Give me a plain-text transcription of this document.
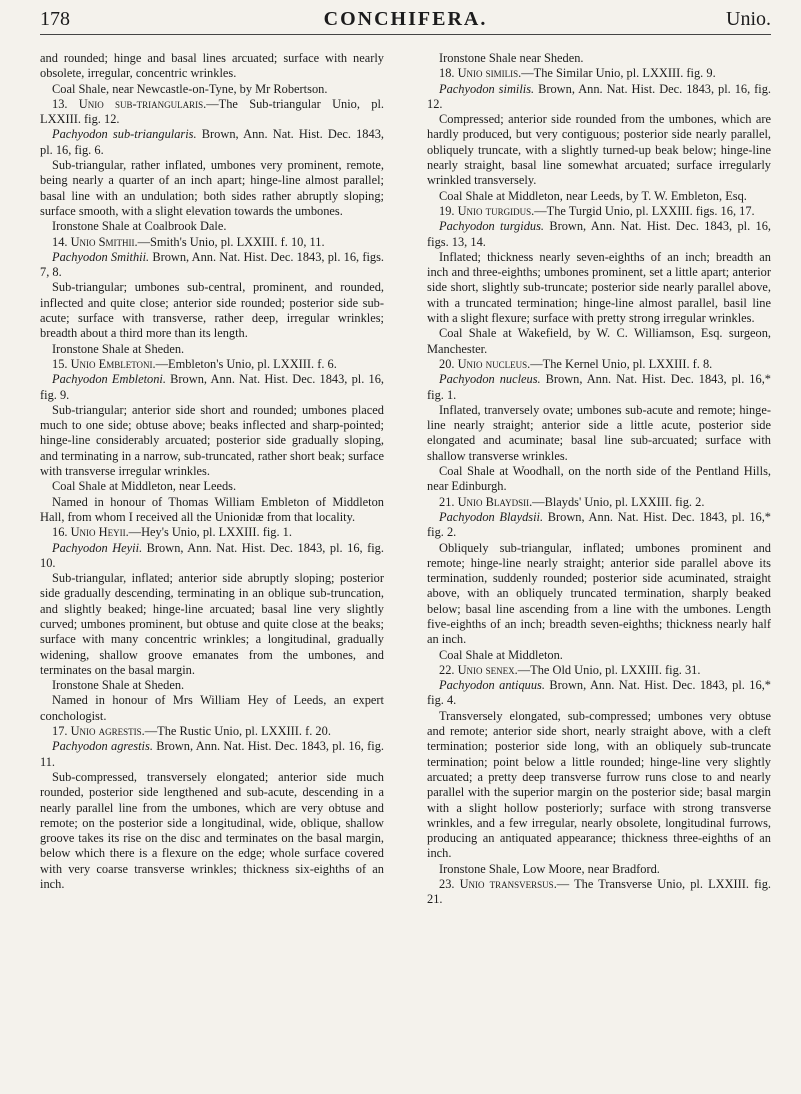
178	CONCHIFERA.	Unio.

and rounded; hinge and basal lines arcuated; surface with nearly obsolete, irregular, concentric wrinkles.

Coal Shale, near Newcastle-on-Tyne, by Mr Robertson.

13. Unio sub-triangularis.—The Sub-triangular Unio, pl. LXXIII. fig. 12.

Pachyodon sub-triangularis. Brown, Ann. Nat. Hist. Dec. 1843, pl. 16, fig. 6.

Sub-triangular, rather inflated, umbones very prominent, remote, being nearly a quarter of an inch apart; hinge-line almost parallel; basal line with an undulation; both sides rather abruptly sloping; surface smooth, with a slight elevation towards the umbones.

Ironstone Shale at Coalbrook Dale.

14. Unio Smithii.—Smith's Unio, pl. LXXIII. f. 10, 11.

Pachyodon Smithii. Brown, Ann. Nat. Hist. Dec. 1843, pl. 16, figs. 7, 8.

Sub-triangular; umbones sub-central, prominent, and rounded, inflected and quite close; anterior side rounded; posterior side sub-acute; surface with transverse, rather deep, irregular wrinkles; breadth about a third more than its length.

Ironstone Shale at Sheden.

15. Unio Embletoni.—Embleton's Unio, pl. LXXIII. f. 6.

Pachyodon Embletoni. Brown, Ann. Nat. Hist. Dec. 1843, pl. 16, fig. 9.

Sub-triangular; anterior side short and rounded; umbones placed much to one side; obtuse above; beaks inflected and sharp-pointed; hinge-line considerably arcuated; posterior side gradually sloping, and terminating in a narrow, sub-truncated, rather short beak; surface with transverse irregular wrinkles.

Coal Shale at Middleton, near Leeds.

Named in honour of Thomas William Embleton of Middleton Hall, from whom I received all the Unionidæ from that locality.

16. Unio Heyii.—Hey's Unio, pl. LXXIII. fig. 1.

Pachyodon Heyii. Brown, Ann. Nat. Hist. Dec. 1843, pl. 16, fig. 10.

Sub-triangular, inflated; anterior side abruptly sloping; posterior side gradually descending, terminating in an oblique sub-truncation, and slightly beaked; hinge-line arcuated; basal line very slightly curved; umbones prominent, but obtuse and quite close at the beaks; surface with many concentric wrinkles; a longitudinal, gradually widening, shallow groove emanates from the umbones, and terminates on the basal margin.

Ironstone Shale at Sheden.

Named in honour of Mrs William Hey of Leeds, an expert conchologist.

17. Unio agrestis.—The Rustic Unio, pl. LXXIII. f. 20.

Pachyodon agrestis. Brown, Ann. Nat. Hist. Dec. 1843, pl. 16, fig. 11.

Sub-compressed, transversely elongated; anterior side much rounded, posterior side lengthened and sub-acute, descending in a nearly parallel line from the umbones, which are very obtuse and remote; on the posterior side a longitudinal, wide, oblique, shallow groove takes its rise on the disc and terminates on the basal margin, below which there is a flexure on the edge; whole surface covered with very coarse transverse wrinkles; thickness six-eighths of an inch.

Ironstone Shale near Sheden.

18. Unio similis.—The Similar Unio, pl. LXXIII. fig. 9.

Pachyodon similis. Brown, Ann. Nat. Hist. Dec. 1843, pl. 16, fig. 12.

Compressed; anterior side rounded from the umbones, which are hardly produced, but very contiguous; posterior side nearly parallel, obliquely truncate, with a slightly turned-up beak below; hinge-line nearly straight, basal line somewhat arcuated; surface irregularly wrinkled transversely.

Coal Shale at Middleton, near Leeds, by T. W. Embleton, Esq.

19. Unio turgidus.—The Turgid Unio, pl. LXXIII. figs. 16, 17.

Pachyodon turgidus. Brown, Ann. Nat. Hist. Dec. 1843, pl. 16, figs. 13, 14.

Inflated; thickness nearly seven-eighths of an inch; breadth an inch and three-eighths; umbones prominent, set a little apart; anterior side short, slightly sub-truncate; posterior side nearly parallel above, with a truncated termination; hinge-line almost parallel, basil line with a slight flexure; surface with pretty strong irregular wrinkles.

Coal Shale at Wakefield, by W. C. Williamson, Esq. surgeon, Manchester.

20. Unio nucleus.—The Kernel Unio, pl. LXXIII. f. 8.

Pachyodon nucleus. Brown, Ann. Nat. Hist. Dec. 1843, pl. 16,* fig. 1.

Inflated, tranversely ovate; umbones sub-acute and remote; hinge-line nearly straight; anterior side a little acute, posterior side elongated and acuminate; basal line sub-arcuated; surface with shallow transverse wrinkles.

Coal Shale at Woodhall, on the north side of the Pentland Hills, near Edinburgh.

21. Unio Blaydsii.—Blayds' Unio, pl. LXXIII. fig. 2.

Pachyodon Blaydsii. Brown, Ann. Nat. Hist. Dec. 1843, pl. 16,* fig. 2.

Obliquely sub-triangular, inflated; umbones prominent and remote; hinge-line nearly straight; anterior side parallel above its termination, suddenly rounded; posterior side acuminated, straight above, with an obliquely truncated termination, sharply beaked below; basal line ascending from a line with the umbones. Length five-eighths of an inch; breadth seven-eighths; thickness nearly half an inch.

Coal Shale at Middleton.

22. Unio senex.—The Old Unio, pl. LXXIII. fig. 31.

Pachyodon antiquus. Brown, Ann. Nat. Hist. Dec. 1843, pl. 16,* fig. 4.

Transversely elongated, sub-compressed; umbones very obtuse and remote; anterior side short, nearly straight above, with a cleft termination; posterior side long, with an obliquely sub-truncate termination; point below a little rounded; hinge-line very slightly arcuated; a pretty deep transverse furrow runs close to and nearly parallel with the superior margin on the posterior side; basal margin with a slight hollow posteriorly; surface with strong transverse wrinkles, and a few irregular, nearly obsolete, longitudinal furrows, producing an antiquated appearance; thickness three-eighths of an inch.

Ironstone Shale, Low Moore, near Bradford.

23. Unio transversus.— The Transverse Unio, pl. LXXIII. fig. 21.
